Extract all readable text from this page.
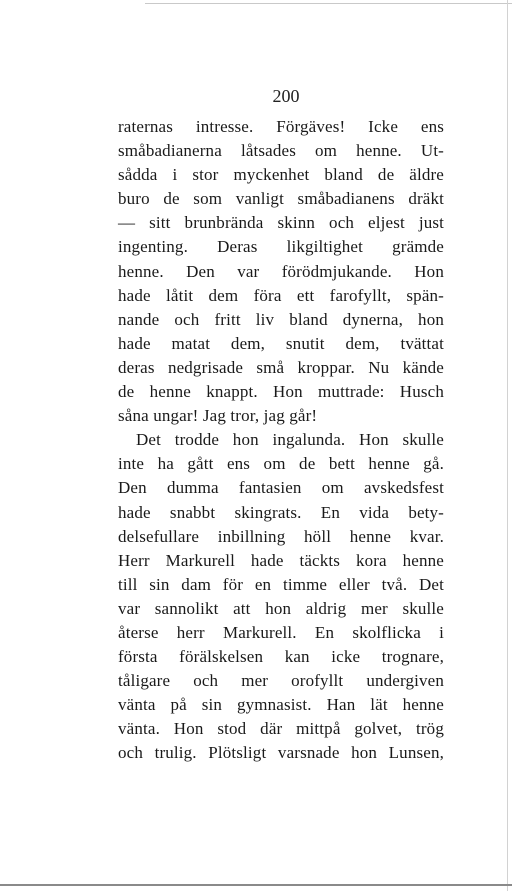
200
raternas intresse. Förgäves! Icke ens
småbadianerna låtsades om henne. Ut-
sådda i stor myckenhet bland de äldre
buro de som vanligt småbadianens dräkt
— sitt brunbrända skinn och eljest just
ingenting. Deras likgiltighet grämde
henne. Den var förödmjukande. Hon
hade låtit dem föra ett farofyllt, spän-
nande och fritt liv bland dynerna, hon
hade matat dem, snutit dem, tvättat
deras nedgrisade små kroppar. Nu kände
de henne knappt. Hon muttrade: Husch
såna ungar! Jag tror, jag går!
Det trodde hon ingalunda. Hon skulle
inte ha gått ens om de bett henne gå.
Den dumma fantasien om avskedsfest
hade snabbt skingrats. En vida bety-
delsefullare inbillning höll henne kvar.
Herr Markurell hade täckts kora henne
till sin dam för en timme eller två. Det
var sannolikt att hon aldrig mer skulle
återse herr Markurell. En skolflicka i
första förälskelsen kan icke trognare,
tåligare och mer orofyllt undergiven
vänta på sin gymnasist. Han lät henne
vänta. Hon stod där mittpå golvet, trög
och trulig. Plötsligt varsnade hon Lunsen,
